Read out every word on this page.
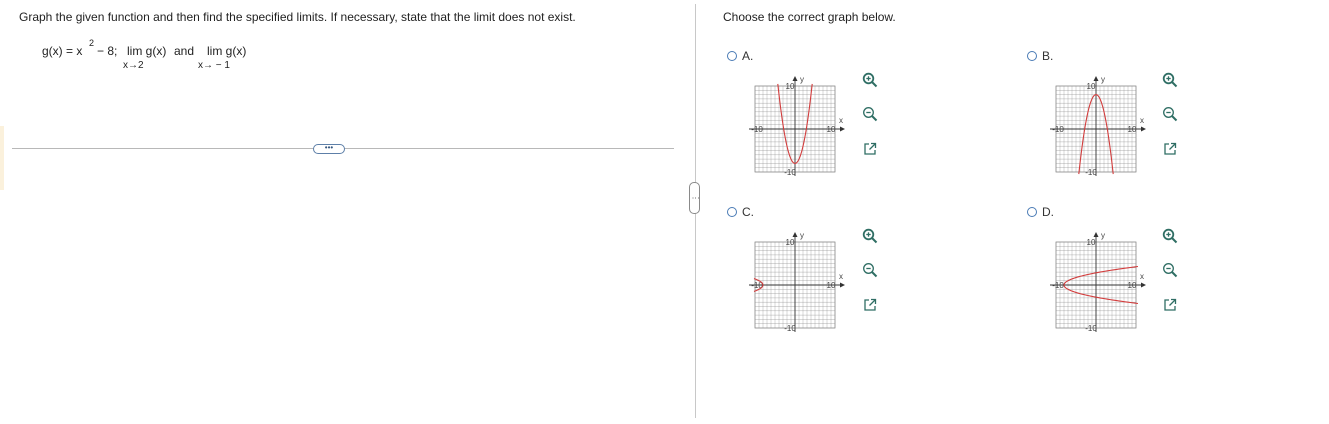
Graph the given function and then find the specified limits. If necessary, state that the limit does not exist.
g(x) = x
2
− 8; lim g(x)
x→2
and lim g(x)
x→ − 1
•••
⋮
Choose the correct graph below.
A.
y
x
10
-10
-10	10
B.
y
x
10
-10
-10	10
C.
y
x
10
-10
-10	10
D.
y
x
10
-10
-10	10
